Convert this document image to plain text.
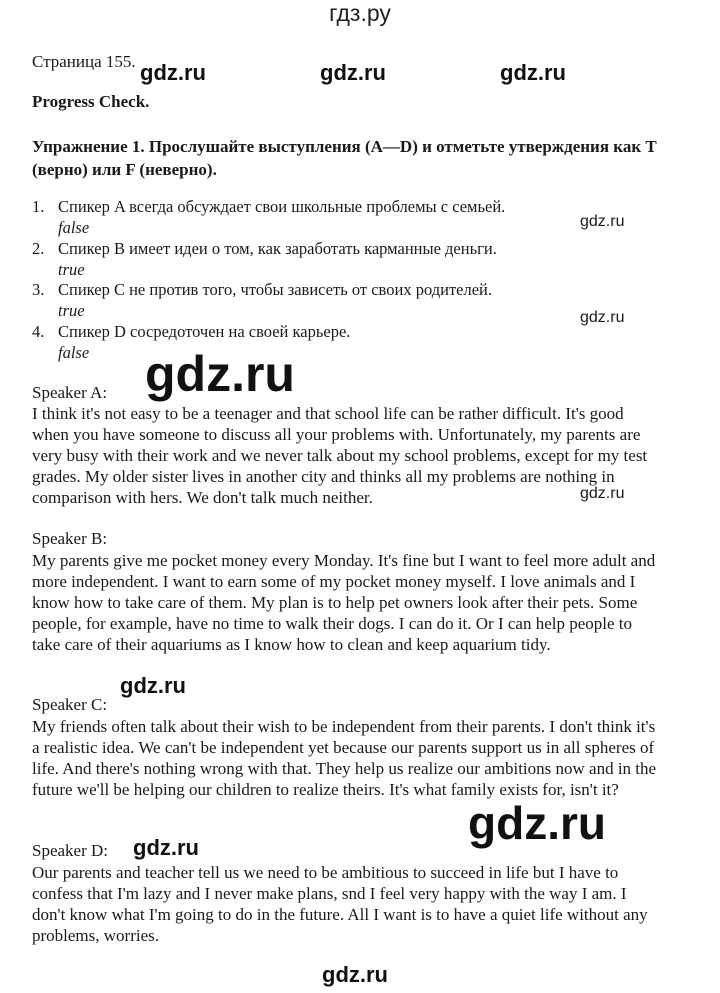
гдз.ру
Страница 155. gdz.ru	gdz.ru	gdz.ru
gdz.ru
gdz.ru
gdz.ru
gdz.ru
gdz.ru
gdz.ru
gdz.ru
gdz.ru
Progress Check.
Упражнение 1. Прослушайте выступления (A—D) и отметьте утверждения как T (верно) или F (неверно).
1. Спикер A всегда обсуждает свои школьные проблемы с семьей.
false
2. Спикер B имеет идеи о том, как заработать карманные деньги.
true
3. Спикер C не против того, чтобы зависеть от своих родителей.
true
4. Спикер D сосредоточен на своей карьере.
false
Speaker A:
I think it's not easy to be a teenager and that school life can be rather difficult. It's good when you have someone to discuss all your problems with. Unfortunately, my parents are very busy with their work and we never talk about my school problems, except for my test grades. My older sister lives in another city and thinks all my problems are nothing in comparison with hers. We don't talk much neither.
Speaker B:
My parents give me pocket money every Monday. It's fine but I want to feel more adult and more independent. I want to earn some of my pocket money myself. I love animals and I know how to take care of them. My plan is to help pet owners look after their pets. Some people, for example, have no time to walk their dogs. I can do it. Or I can help people to take care of their aquariums as I know how to clean and keep aquarium tidy.
Speaker C:
My friends often talk about their wish to be independent from their parents. I don't think it's a realistic idea. We can't be independent yet because our parents support us in all spheres of life. And there's nothing wrong with that. They help us realize our ambitions now and in the future we'll be helping our children to realize theirs. It's what family exists for, isn't it?
Speaker D:
Our parents and teacher tell us we need to be ambitious to succeed in life but I have to confess that I'm lazy and I never make plans, snd I feel very happy with the way I am. I don't know what I'm going to do in the future. All I want is to have a quiet life without any problems, worries.
